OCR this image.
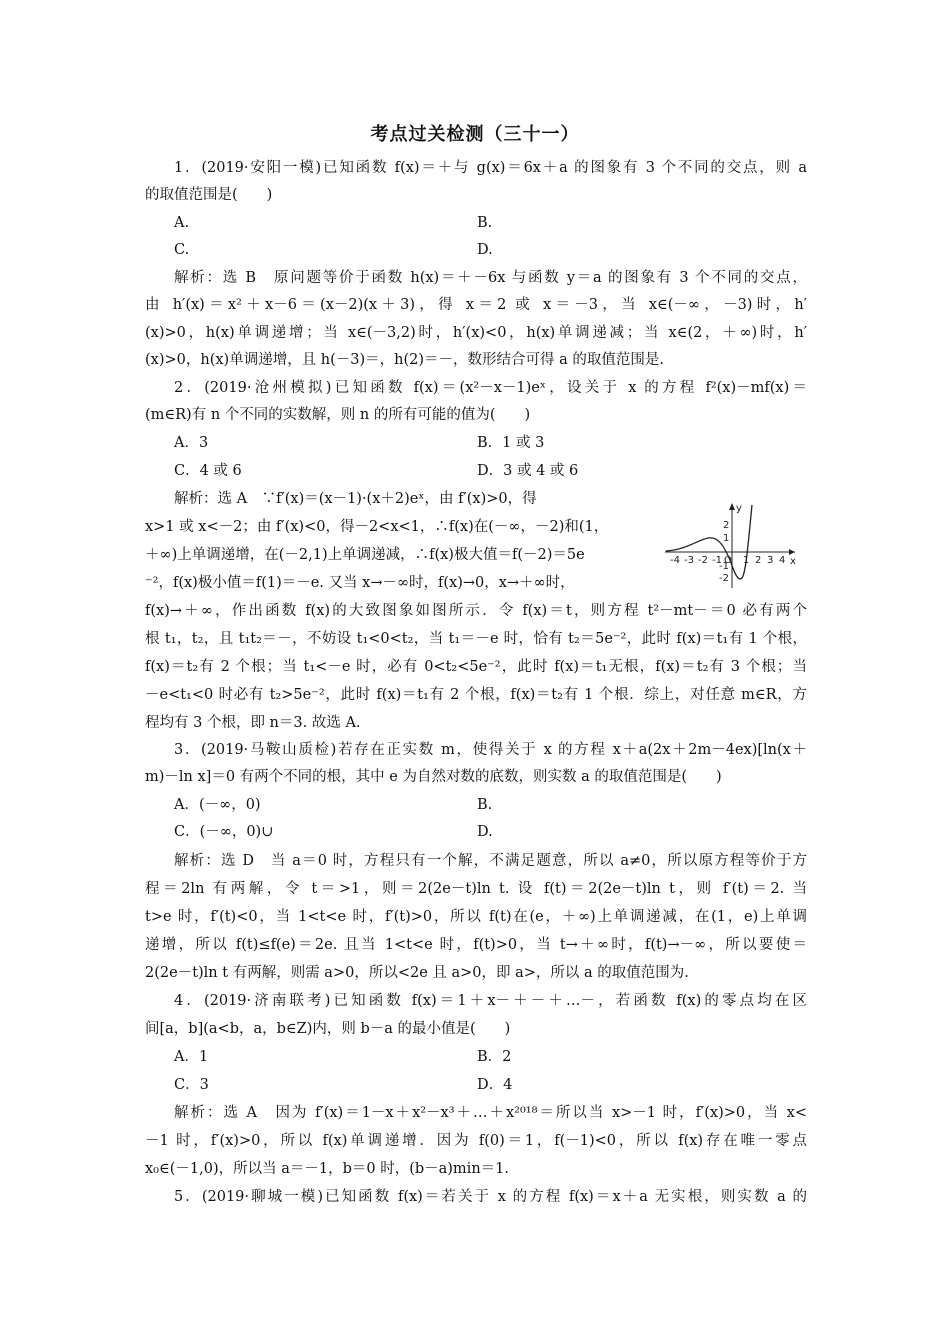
考点过关检测（三十一）
1．(2019·安阳一模)已知函数 f(x)＝＋与 g(x)＝6x＋a 的图象有 3 个不同的交点，则 a
的取值范围是(　　)
A.	B.
C.	D.
解析：选 B　原问题等价于函数 h(x)＝＋－6x 与函数 y＝a 的图象有 3 个不同的交点，
由 h′(x)＝x²＋x－6＝(x－2)(x＋3)，得 x＝2 或 x＝－3，当 x∈(－∞，－3)时，h′
(x)>0，h(x)单调递增；当 x∈(－3,2)时，h′(x)<0，h(x)单调递减；当 x∈(2，＋∞)时，h′
(x)>0，h(x)单调递增，且 h(－3)＝，h(2)＝－，数形结合可得 a 的取值范围是.
2．(2019·沧州模拟)已知函数 f(x)＝(x²－x－1)eˣ，设关于 x 的方程 f²(x)－mf(x)＝
(m∈R)有 n 个不同的实数解，则 n 的所有可能的值为(　　)
A．3	B．1 或 3
C．4 或 6	D．3 或 4 或 6
解析：选 A　∵f′(x)＝(x－1)·(x＋2)eˣ，由 f′(x)>0，得
x>1 或 x<－2；由 f′(x)<0，得－2<x<1，∴f(x)在(－∞，－2)和(1，
＋∞)上单调递增，在(－2,1)上单调递减，∴f(x)极大值＝f(－2)＝5e
⁻²，f(x)极小值＝f(1)＝－e. 又当 x→－∞时，f(x)→0，x→＋∞时，
y
x
O
-4 -3 -2 -1 1 2 3 4
2
1
-1
-2
f(x)→＋∞，作出函数 f(x)的大致图象如图所示．令 f(x)＝t，则方程 t²－mt－＝0 必有两个
根 t₁，t₂，且 t₁t₂＝－，不妨设 t₁<0<t₂，当 t₁＝－e 时，恰有 t₂＝5e⁻²，此时 f(x)＝t₁有 1 个根，
f(x)＝t₂有 2 个根；当 t₁<－e 时，必有 0<t₂<5e⁻²，此时 f(x)＝t₁无根，f(x)＝t₂有 3 个根；当
－e<t₁<0 时必有 t₂>5e⁻²，此时 f(x)＝t₁有 2 个根，f(x)＝t₂有 1 个根．综上，对任意 m∈R，方
程均有 3 个根，即 n＝3. 故选 A.
3．(2019·马鞍山质检)若存在正实数 m，使得关于 x 的方程 x＋a(2x＋2m－4ex)[ln(x＋
m)－ln x]＝0 有两个不同的根，其中 e 为自然对数的底数，则实数 a 的取值范围是(　　)
A．(－∞，0)	B.
C．(－∞，0)∪	D.
解析：选 D　当 a＝0 时，方程只有一个解，不满足题意，所以 a≠0，所以原方程等价于方
程＝2ln 有两解，令 t＝>1，则＝2(2e－t)ln t. 设 f(t)＝2(2e－t)ln t，则 f′(t)＝2. 当
t>e 时，f′(t)<0，当 1<t<e 时，f′(t)>0，所以 f(t)在(e，＋∞)上单调递减，在(1，e)上单调
递增，所以 f(t)≤f(e)＝2e. 且当 1<t<e 时，f(t)>0，当 t→＋∞时，f(t)→－∞，所以要使＝
2(2e－t)ln t 有两解，则需 a>0，所以<2e 且 a>0，即 a>，所以 a 的取值范围为.
4．(2019·济南联考)已知函数 f(x)＝1＋x－＋－＋…－，若函数 f(x)的零点均在区
间[a，b](a<b，a，b∈Z)内，则 b－a 的最小值是(　　)
A．1	B．2
C．3	D．4
解析：选 A　因为 f′(x)＝1－x＋x²－x³＋…＋x²⁰¹⁸＝所以当 x>－1 时，f′(x)>0，当 x<
－1 时，f′(x)>0，所以 f(x)单调递增．因为 f(0)＝1，f(－1)<0，所以 f(x)存在唯一零点
x₀∈(－1,0)，所以当 a＝－1，b＝0 时，(b－a)min＝1.
5．(2019·聊城一模)已知函数 f(x)＝若关于 x 的方程 f(x)＝x＋a 无实根，则实数 a 的
